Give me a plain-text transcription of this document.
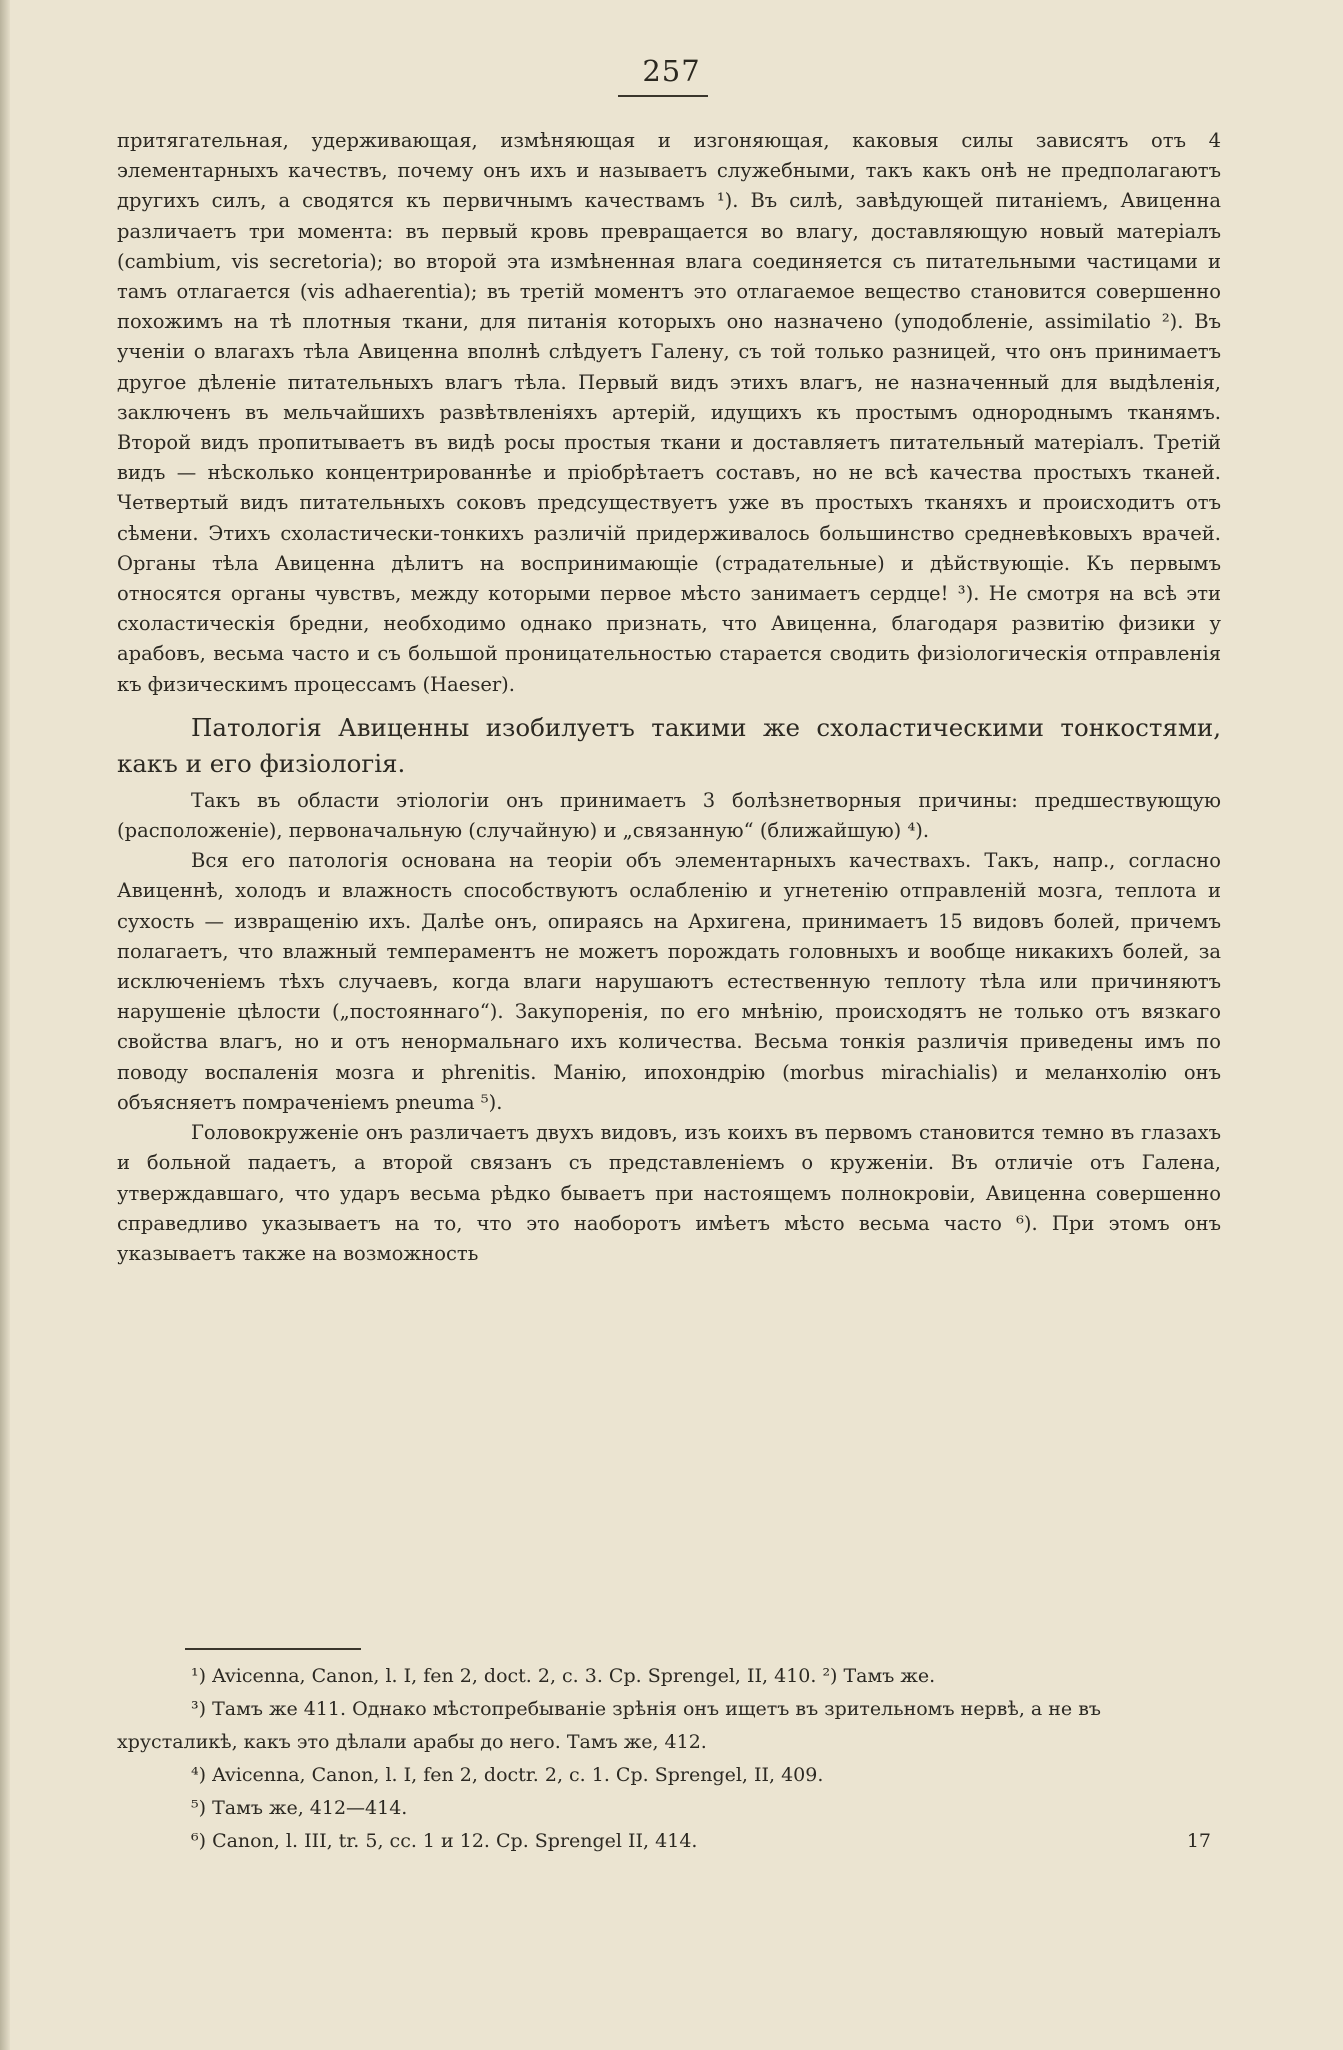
257

притягательная, удерживающая, измѣняющая и изгоняющая, каковыя силы зависятъ отъ 4 элементарныхъ качествъ, почему онъ ихъ и называетъ служебными, такъ какъ онѣ не предполагаютъ другихъ силъ, а сводятся къ первичнымъ качествамъ ¹). Въ силѣ, завѣдующей питаніемъ, Авиценна различаетъ три момента: въ первый кровь превращается во влагу, доставляющую новый матеріалъ (cambium, vis secretoria); во второй эта измѣненная влага соединяется съ питательными частицами и тамъ отлагается (vis adhaerentia); въ третій моментъ это отлагаемое вещество становится совершенно похожимъ на тѣ плотныя ткани, для питанія которыхъ оно назначено (уподобленіе, assimilatio ²). Въ ученіи о влагахъ тѣла Авиценна вполнѣ слѣдуетъ Галену, съ той только разницей, что онъ принимаетъ другое дѣленіе питательныхъ влагъ тѣла. Первый видъ этихъ влагъ, не назначенный для выдѣленія, заключенъ въ мельчайшихъ развѣтвленіяхъ артерій, идущихъ къ простымъ однороднымъ тканямъ. Второй видъ пропитываетъ въ видѣ росы простыя ткани и доставляетъ питательный матеріалъ. Третій видъ — нѣсколько концентрированнѣе и пріобрѣтаетъ составъ, но не всѣ качества простыхъ тканей. Четвертый видъ питательныхъ соковъ предсуществуетъ уже въ простыхъ тканяхъ и происходитъ отъ сѣмени. Этихъ схоластически-тонкихъ различій придерживалось большинство средневѣковыхъ врачей. Органы тѣла Авиценна дѣлитъ на воспринимающіе (страдательные) и дѣйствующіе. Къ первымъ относятся органы чувствъ, между которыми первое мѣсто занимаетъ сердце! ³). Не смотря на всѣ эти схоластическія бредни, необходимо однако признать, что Авиценна, благодаря развитію физики у арабовъ, весьма часто и съ большой проницательностью старается сводить физіологическія отправленія къ физическимъ процессамъ (Haeser).

Патологія Авиценны изобилуетъ такими же схоластическими тонкостями, какъ и его физіологія.

Такъ въ области этіологіи онъ принимаетъ 3 болѣзнетворныя причины: предшествующую (расположеніе), первоначальную (случайную) и „связанную“ (ближайшую) ⁴).

Вся его патологія основана на теоріи объ элементарныхъ качествахъ. Такъ, напр., согласно Авиценнѣ, холодъ и влажность способствуютъ ослабленію и угнетенію отправленій мозга, теплота и сухость — извращенію ихъ. Далѣе онъ, опираясь на Архигена, принимаетъ 15 видовъ болей, причемъ полагаетъ, что влажный темпераментъ не можетъ порождать головныхъ и вообще никакихъ болей, за исключеніемъ тѣхъ случаевъ, когда влаги нарушаютъ естественную теплоту тѣла или причиняютъ нарушеніе цѣлости („постояннаго“). Закупоренія, по его мнѣнію, происходятъ не только отъ вязкаго свойства влагъ, но и отъ ненормальнаго ихъ количества. Весьма тонкія различія приведены имъ по поводу воспаленія мозга и phrenitis. Манію, ипохондрію (morbus mirachialis) и меланхолію онъ объясняетъ помраченіемъ pneuma ⁵).

Головокруженіе онъ различаетъ двухъ видовъ, изъ коихъ въ первомъ становится темно въ глазахъ и больной падаетъ, а второй связанъ съ представленіемъ о круженіи. Въ отличіе отъ Галена, утверждавшаго, что ударъ весьма рѣдко бываетъ при настоящемъ полнокровіи, Авиценна совершенно справедливо указываетъ на то, что это наоборотъ имѣетъ мѣсто весьма часто ⁶). При этомъ онъ указываетъ также на возможность

¹) Avicenna, Canon, l. I, fen 2, doct. 2, c. 3. Cp. Sprengel, II, 410. ²) Тамъ же.

³) Тамъ же 411. Однако мѣстопребываніе зрѣнія онъ ищетъ въ зрительномъ нервѣ, а не въ хрусталикѣ, какъ это дѣлали арабы до него. Тамъ же, 412.

⁴) Avicenna, Canon, l. I, fen 2, doctr. 2, c. 1. Cp. Sprengel, II, 409.

⁵) Тамъ же, 412—414.

⁶) Canon, l. III, tr. 5, cc. 1 и 12. Cp. Sprengel II, 414.	17
